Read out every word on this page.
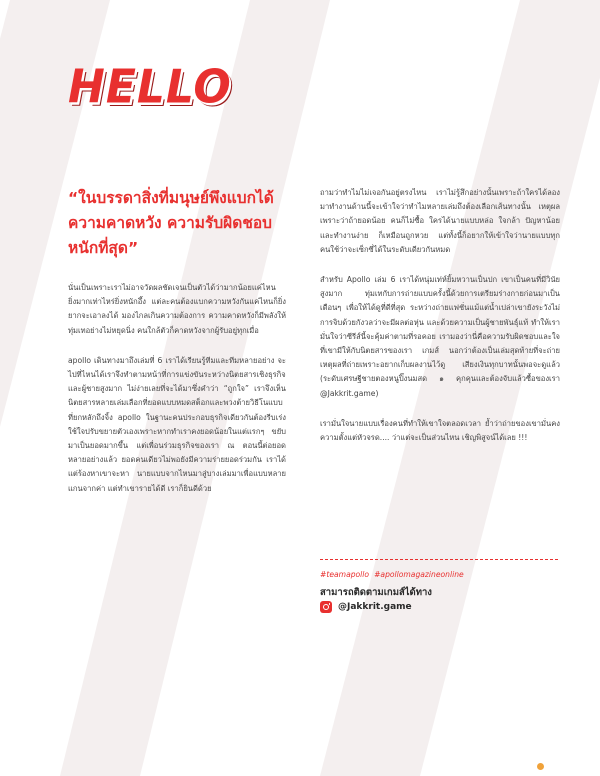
HELLO

“ในบรรดาสิ่งที่มนุษย์พึงแบกได้ ความคาดหวัง ความรับผิดชอบ หนักที่สุด”

นั่นเป็นเพราะเราไม่อาจวัดผลชัดเจนเป็นตัวได้ว่ามากน้อยแค่ไหน ยิ่งมากเท่าไหร่ยิ่งหนักอึ้ง แต่ละคนต้องแบกความหวังกันแค่ไหนก็ยิ่งยากจะเอาลงได้ มองไกลเกินความต้องการ ความคาดหวังก็มีพลังให้ทุ่มเทอย่างไม่หยุดนิ่ง คนใกล้ตัวก็คาดหวังจากผู้รับอยู่ทุกเมื่อ

apollo เดินทางมาถึงเล่มที่ 6 เราได้เรียนรู้ทีมและทีมหลายอย่าง จะไปที่ไหนได้เราจึงทำตามหน้าที่การแข่งขันระหว่างนิตยสารเชิงธุรกิจและผู้ชายสูงมาก ไม่ง่ายเลยที่จะได้มาซึ่งคำว่า “ถูกใจ” เราจึงเห็นนิตยสารหลายเล่มเลือกที่ยอดแบบหมดสต็อกและพวงต้ายวิธีโนแบบที่ยกหลักถึงจิ้ง apollo ในฐานะคนประกอบธุรกิจเดียวกันต้องรีบเร่งใช้ใจปรับขยายตัวเองเพราะหากทำเราคงยอดน้อยในแต่แรกๆ ขยับมาเป็นยอดมากขึ้น แต่เพื่อนร่วมธุรกิจของเรา ณ ตอนนี้ต่อยอดหลายอย่างแล้ว ยอดคนเดียวไม่พอยังมีความร่ายยอดร่วมกัน เราได้แต่ร้องหาเขาจะหา นายแบบจากไหนมาสู่บางเล่มมาเพื่อแบบหลายแกนจากค่า แต่ทำเขารายได้ดี เราก็ยินดีด้วย

ถามว่าทำไมไม่เจอกันอยู่ตรงไหน เราไม่รู้สึกอย่างนั้นเพราะถ้าใครได้ลองมาทำงานด้านนี้จะเข้าใจว่าทำไมหลายเล่มถึงต้องเลือกเส้นทางนั้น เหตุผลเพราะว่าถ้ายอดน้อย คนก็ไม่ซื้อ ใครได้นายแบบหล่อ ใจกล้า ปัญหาน้อย และทำงานง่าย ก็เหมือนถูกหวย แต่ทั้งนี้ก็อยากให้เข้าใจว่านายแบบทุกคนใช้ว่าจะเซ็กซี่ได้ในระดับเดียวกันหมด

สำหรับ Apollo เล่ม 6 เราได้หนุ่มเท่ห์ยิ้มหวานเป็นปก เขาเป็นคนที่มีวินัยสูงมาก ทุ่มเทกับการถ่ายแบบครั้งนี้ด้วยการเตรียมร่างกายก่อนมาเป็นเดือนๆ เพื่อให้ได้ดูที่ดีที่สุด ระหว่างถ่ายแฟชั่นแม้แต่น้ำเปล่าเขายังระวังไม่การจิบด้วยกังวลว่าจะมีผลต่อหุ่น และด้วยความเป็นผู้ชายพันธุ์แท้ ทำให้เรามั่นใจว่าซีรีส์นี้จะคุ้มค่าตามที่รอคอย เรามองว่านี่คือความรับผิดชอบและใจที่เขามีให้กับนิตยสารของเรา เกมส์ นอกว่าต้องเป็นเล่มสุดท้ายที่จะถ่าย เหตุผลที่ถ่ายเพราะอยากเก็บผลงานไว้ดู เสียงเงินทุกบาทนั้นพอจะดูแล้ว (ระดับเศรษฐีชายตองหนูปิ๊งนมสด ๑ คุกคุนและต้องจับแล้วซื้อของเรา @Jakkrit.game)

เรามั่นใจนายแบบเรื่องคนที่ทำให้เขาใจตลอดเวลา ย้ำว่าถ่ายของเขามั่นคงความตั้งแต่หัวจรด.... ว่าแต่จะเป็นส่วนไหน เชิญพิสูจน์ได้เลย !!!

#teamapollo #apollomagazineonline
สามารถติดตามเกมส์ได้ทาง
@Jakkrit.game
